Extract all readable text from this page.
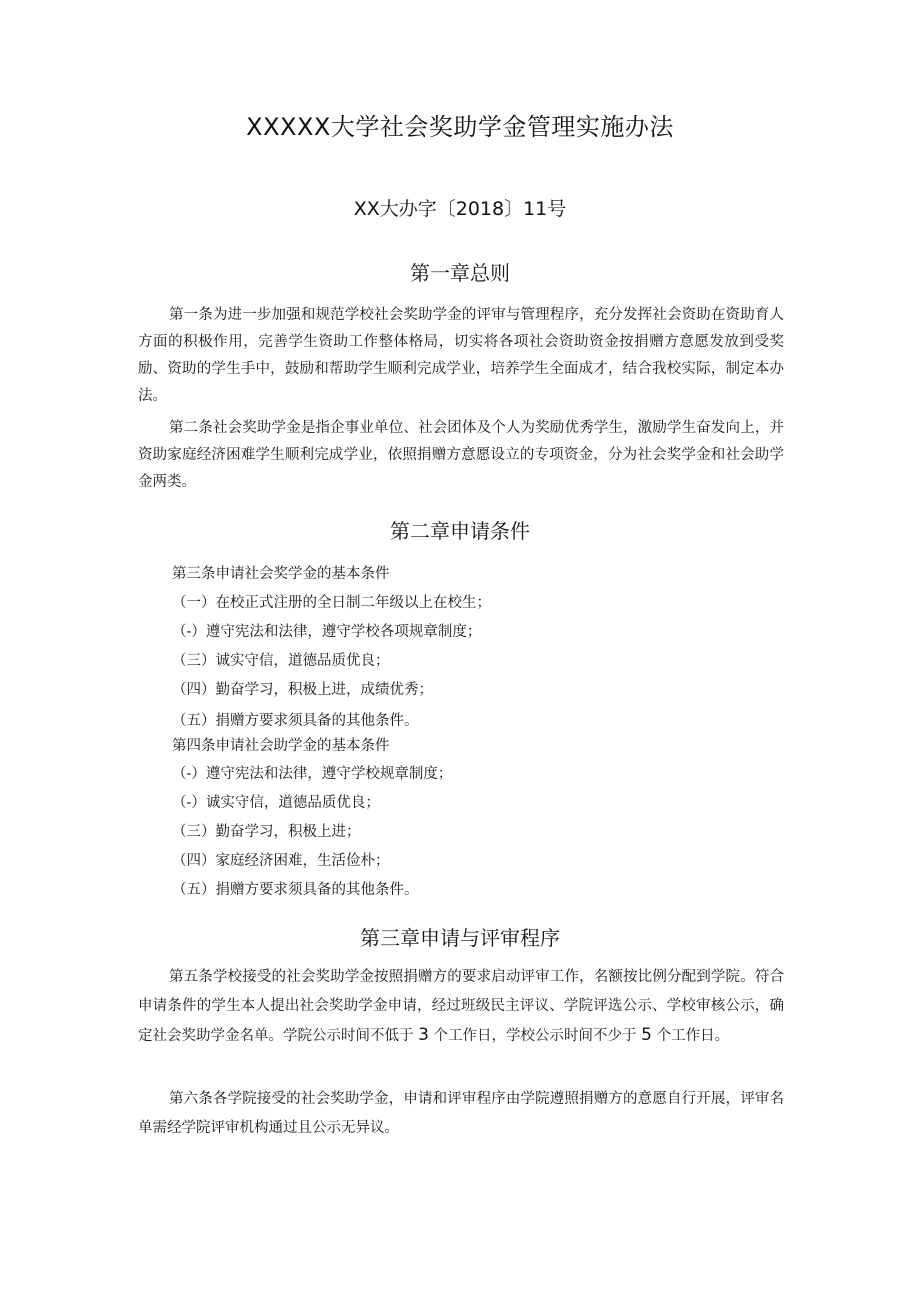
XXXXX大学社会奖助学金管理实施办法

XX大办字〔2018〕11号

第一章总则

第一条为进一步加强和规范学校社会奖助学金的评审与管理程序，充分发挥社会资助在资助育人方面的积极作用，完善学生资助工作整体格局，切实将各项社会资助资金按捐赠方意愿发放到受奖励、资助的学生手中，鼓励和帮助学生顺利完成学业，培养学生全面成才，结合我校实际，制定本办法。

第二条社会奖助学金是指企事业单位、社会团体及个人为奖励优秀学生，激励学生奋发向上，并资助家庭经济困难学生顺利完成学业，依照捐赠方意愿设立的专项资金，分为社会奖学金和社会助学金两类。

第二章申请条件

第三条申请社会奖学金的基本条件

（一）在校正式注册的全日制二年级以上在校生；

（-）遵守宪法和法律，遵守学校各项规章制度；

（三）诚实守信，道德品质优良；

（四）勤奋学习，积极上进，成绩优秀；

（五）捐赠方要求须具备的其他条件。

第四条申请社会助学金的基本条件

（-）遵守宪法和法律，遵守学校规章制度；

（-）诚实守信，道德品质优良；

（三）勤奋学习，积极上进；

（四）家庭经济困难，生活俭朴；

（五）捐赠方要求须具备的其他条件。

第三章申请与评审程序

第五条学校接受的社会奖助学金按照捐赠方的要求启动评审工作，名额按比例分配到学院。符合申请条件的学生本人提出社会奖助学金申请，经过班级民主评议、学院评选公示、学校审核公示，确定社会奖助学金名单。学院公示时间不低于 3 个工作日，学校公示时间不少于 5 个工作日。

第六条各学院接受的社会奖助学金，申请和评审程序由学院遵照捐赠方的意愿自行开展，评审名单需经学院评审机构通过且公示无异议。
